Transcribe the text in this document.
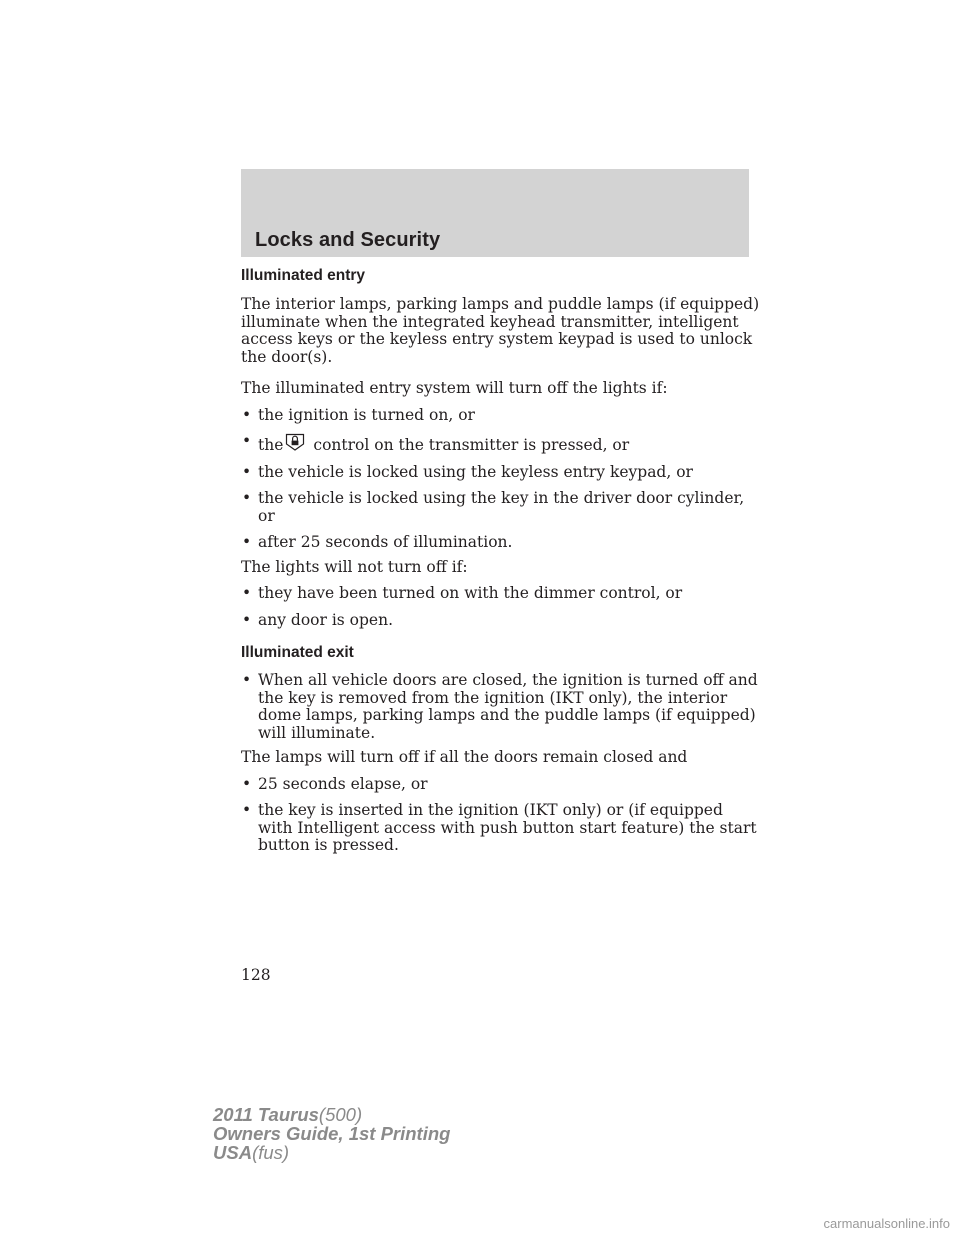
Locks and Security
Illuminated entry

The interior lamps, parking lamps and puddle lamps (if equipped) illuminate when the integrated keyhead transmitter, intelligent access keys or the keyless entry system keypad is used to unlock the door(s).

The illuminated entry system will turn off the lights if:

• the ignition is turned on, or
• the control on the transmitter is pressed, or
• the vehicle is locked using the keyless entry keypad, or
• the vehicle is locked using the key in the driver door cylinder, or
• after 25 seconds of illumination.

The lights will not turn off if:

• they have been turned on with the dimmer control, or
• any door is open.
Illuminated exit
• When all vehicle doors are closed, the ignition is turned off and the key is removed from the ignition (IKT only), the interior dome lamps, parking lamps and the puddle lamps (if equipped) will illuminate.

The lamps will turn off if all the doors remain closed and

• 25 seconds elapse, or
• the key is inserted in the ignition (IKT only) or (if equipped with Intelligent access with push button start feature) the start button is pressed.
128
2011 Taurus(500)
Owners Guide, 1st Printing
USA(fus)
carmanualsonline.info
